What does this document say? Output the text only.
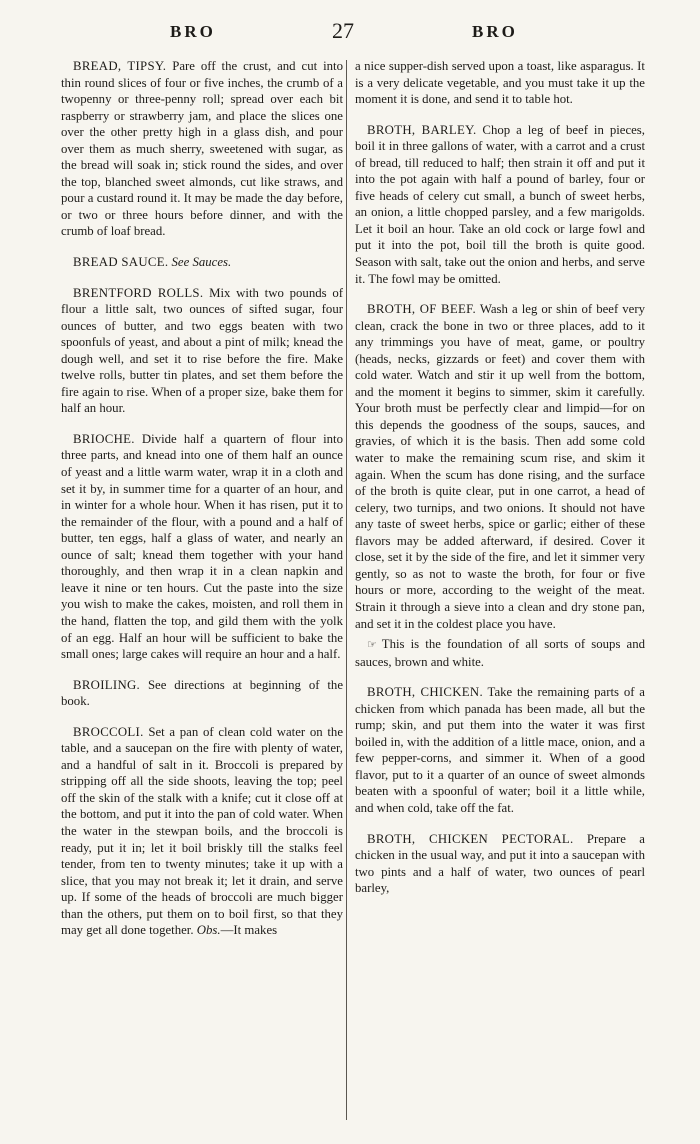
BRO	27	BRO

BREAD, TIPSY. Pare off the crust, and cut into thin round slices of four or five inches, the crumb of a twopenny or three-penny roll; spread over each bit raspberry or strawberry jam, and place the slices one over the other pretty high in a glass dish, and pour over them as much sherry, sweetened with sugar, as the bread will soak in; stick round the sides, and over the top, blanched sweet almonds, cut like straws, and pour a custard round it. It may be made the day before, or two or three hours before dinner, and with the crumb of loaf bread.

BREAD SAUCE. See Sauces.

BRENTFORD ROLLS. Mix with two pounds of flour a little salt, two ounces of sifted sugar, four ounces of butter, and two eggs beaten with two spoonfuls of yeast, and about a pint of milk; knead the dough well, and set it to rise before the fire. Make twelve rolls, butter tin plates, and set them before the fire again to rise. When of a proper size, bake them for half an hour.

BRIOCHE. Divide half a quartern of flour into three parts, and knead into one of them half an ounce of yeast and a little warm water, wrap it in a cloth and set it by, in summer time for a quarter of an hour, and in winter for a whole hour. When it has risen, put it to the remainder of the flour, with a pound and a half of butter, ten eggs, half a glass of water, and nearly an ounce of salt; knead them together with your hand thoroughly, and then wrap it in a clean napkin and leave it nine or ten hours. Cut the paste into the size you wish to make the cakes, moisten, and roll them in the hand, flatten the top, and gild them with the yolk of an egg. Half an hour will be sufficient to bake the small ones; large cakes will require an hour and a half.

BROILING. See directions at beginning of the book.

BROCCOLI. Set a pan of clean cold water on the table, and a saucepan on the fire with plenty of water, and a handful of salt in it. Broccoli is prepared by stripping off all the side shoots, leaving the top; peel off the skin of the stalk with a knife; cut it close off at the bottom, and put it into the pan of cold water. When the water in the stewpan boils, and the broccoli is ready, put it in; let it boil briskly till the stalks feel tender, from ten to twenty minutes; take it up with a slice, that you may not break it; let it drain, and serve up. If some of the heads of broccoli are much bigger than the others, put them on to boil first, so that they may get all done together. Obs.—It makes

a nice supper-dish served upon a toast, like asparagus. It is a very delicate vegetable, and you must take it up the moment it is done, and send it to table hot.

BROTH, BARLEY. Chop a leg of beef in pieces, boil it in three gallons of water, with a carrot and a crust of bread, till reduced to half; then strain it off and put it into the pot again with half a pound of barley, four or five heads of celery cut small, a bunch of sweet herbs, an onion, a little chopped parsley, and a few marigolds. Let it boil an hour. Take an old cock or large fowl and put it into the pot, boil till the broth is quite good. Season with salt, take out the onion and herbs, and serve it. The fowl may be omitted.

BROTH, OF BEEF. Wash a leg or shin of beef very clean, crack the bone in two or three places, add to it any trimmings you have of meat, game, or poultry (heads, necks, gizzards or feet) and cover them with cold water. Watch and stir it up well from the bottom, and the moment it begins to simmer, skim it carefully. Your broth must be perfectly clear and limpid—for on this depends the goodness of the soups, sauces, and gravies, of which it is the basis. Then add some cold water to make the remaining scum rise, and skim it again. When the scum has done rising, and the surface of the broth is quite clear, put in one carrot, a head of celery, two turnips, and two onions. It should not have any taste of sweet herbs, spice or garlic; either of these flavors may be added afterward, if desired. Cover it close, set it by the side of the fire, and let it simmer very gently, so as not to waste the broth, for four or five hours or more, according to the weight of the meat. Strain it through a sieve into a clean and dry stone pan, and set it in the coldest place you have.

☞ This is the foundation of all sorts of soups and sauces, brown and white.

BROTH, CHICKEN. Take the remaining parts of a chicken from which panada has been made, all but the rump; skin, and put them into the water it was first boiled in, with the addition of a little mace, onion, and a few pepper-corns, and simmer it. When of a good flavor, put to it a quarter of an ounce of sweet almonds beaten with a spoonful of water; boil it a little while, and when cold, take off the fat.

BROTH, CHICKEN PECTORAL. Prepare a chicken in the usual way, and put it into a saucepan with two pints and a half of water, two ounces of pearl barley,
